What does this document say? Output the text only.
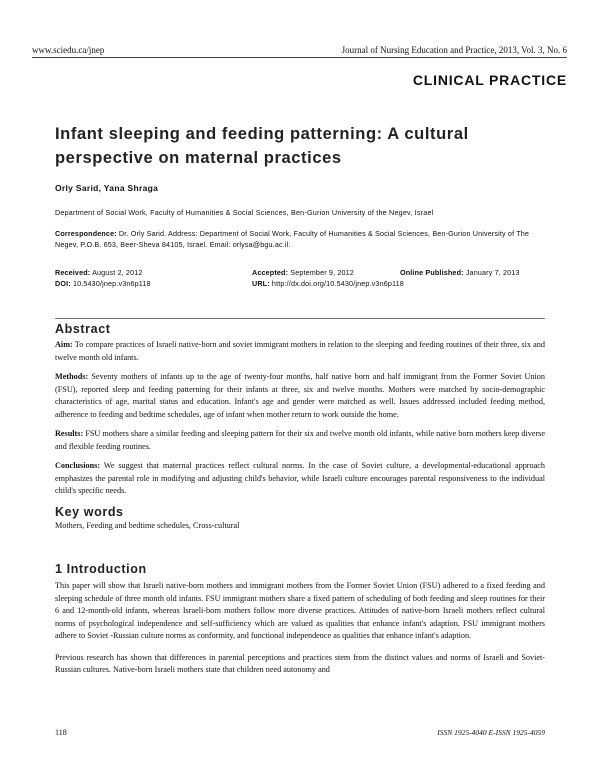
www.sciedu.ca/jnep	Journal of Nursing Education and Practice, 2013, Vol. 3, No. 6
CLINICAL PRACTICE
Infant sleeping and feeding patterning: A cultural perspective on maternal practices
Orly Sarid, Yana Shraga
Department of Social Work, Faculty of Humanities & Social Sciences, Ben-Gurion University of the Negev, Israel
Correspondence: Dr. Orly Sarid. Address: Department of Social Work, Faculty of Humanities & Social Sciences, Ben-Gurion University of The Negev, P.O.B. 653, Beer-Sheva 84105, Israel. Email: orlysa@bgu.ac.il.
Received: August 2, 2012	Accepted: September 9, 2012	Online Published: January 7, 2013
DOI: 10.5430/jnep.v3n6p118	URL: http://dx.doi.org/10.5430/jnep.v3n6p118
Abstract

Aim: To compare practices of Israeli native-born and soviet immigrant mothers in relation to the sleeping and feeding routines of their three, six and twelve month old infants.

Methods: Seventy mothers of infants up to the age of twenty-four months, half native born and half immigrant from the Former Soviet Union (FSU), reported sleep and feeding patterning for their infants at three, six and twelve months. Mothers were matched by socio-demographic characteristics of age, marital status and education. Infant's age and gender were matched as well. Issues addressed included feeding method, adherence to feeding and bedtime schedules, age of infant when mother return to work outside the home.

Results: FSU mothers share a similar feeding and sleeping pattern for their six and twelve month old infants, while native born mothers keep diverse and flexible feeding routines.

Conclusions: We suggest that maternal practices reflect cultural norms. In the case of Soviet culture, a developmental-educational approach emphasizes the parental role in modifying and adjusting child's behavior, while Israeli culture encourages parental responsiveness to the individual child's specific needs.

Key words

Mothers, Feeding and bedtime schedules, Cross-cultural

1 Introduction

This paper will show that Israeli native-born mothers and immigrant mothers from the Former Soviet Union (FSU) adhered to a fixed feeding and sleeping schedule of three month old infants. FSU immigrant mothers share a fixed pattern of scheduling of both feeding and sleep routines for their 6 and 12-month-old infants, whereas Israeli-born mothers follow more diverse practices. Attitudes of native-born Israeli mothers reflect cultural norms of psychological independence and self-sufficiency which are valued as qualities that enhance infant's adaption. FSU immigrant mothers adhere to Soviet -Russian culture norms as conformity, and functional independence as qualities that enhance infant's adaption.

Previous research has shown that differences in parental perceptions and practices stem from the distinct values and norms of Israeli and Soviet-Russian cultures. Native-born Israeli mothers state that children need autonomy and

118	ISSN 1925-4040 E-ISSN 1925-4059
